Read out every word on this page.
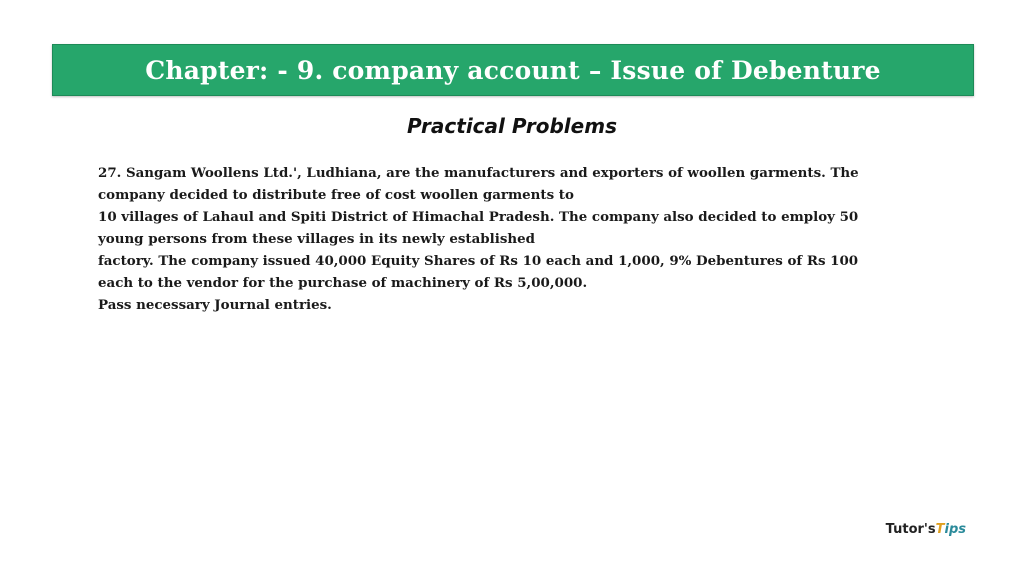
Chapter: - 9. company account – Issue of Debenture
Practical Problems
27. Sangam Woollens Ltd.', Ludhiana, are the manufacturers and exporters of woollen garments. The
company decided to distribute free of cost woollen garments to
10 villages of Lahaul and Spiti District of Himachal Pradesh. The company also decided to employ 50
young persons from these villages in its newly established
factory. The company issued 40,000 Equity Shares of Rs 10 each and 1,000, 9% Debentures of Rs 100
each to the vendor for the purchase of machinery of Rs 5,00,000.
Pass necessary Journal entries.
Tutor's T ips
